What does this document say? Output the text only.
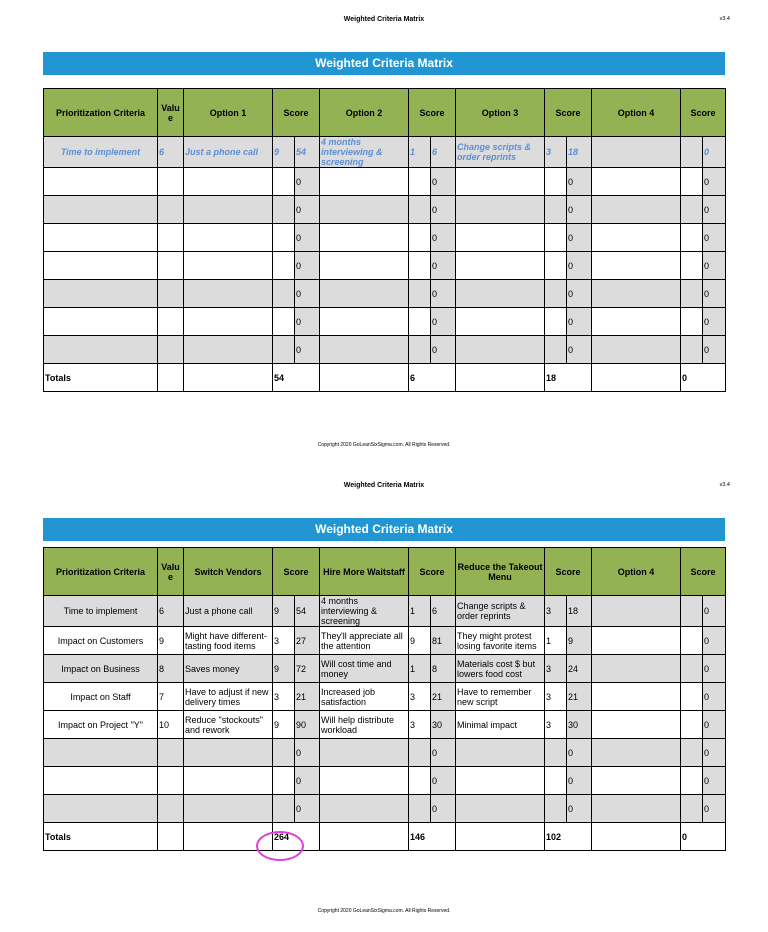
Weighted Criteria Matrix	v3.4
Weighted Criteria Matrix
Prioritization Criteria	Value	Option 1	Score		Option 2	Score		Option 3	Score		Option 4	Score	
Time to implement	6	Just a phone call	9	54	4 months interviewing & screening	1	6	Change scripts & order reprints	3	18			0
				0			0			0			0
				0			0			0			0
				0			0			0			0
				0			0			0			0
				0			0			0			0
				0			0			0			0
				0			0			0			0
Totals			54			6			18			0	
Copyright 2020 GoLeanSixSigma.com. All Rights Reserved.
Weighted Criteria Matrix	v3.4
Weighted Criteria Matrix
Prioritization Criteria	Value	Switch Vendors	Score		Hire More Waitstaff	Score		Reduce the Takeout Menu	Score		Option 4	Score	
Time to implement	6	Just a phone call	9	54	4 months interviewing & screening	1	6	Change scripts & order reprints	3	18			0
Impact on Customers	9	Might have different-tasting food items	3	27	They'll appreciate all the attention	9	81	They might protest losing favorite items	1	9			0
Impact on Business	8	Saves money	9	72	Will cost time and money	1	8	Materials cost $ but lowers food cost	3	24			0
Impact on Staff	7	Have to adjust if new delivery times	3	21	Increased job satisfaction	3	21	Have to remember new script	3	21			0
Impact on Project "Y"	10	Reduce "stockouts" and rework	9	90	Will help distribute workload	3	30	Minimal impact	3	30			0
				0			0			0			0
				0			0			0			0
				0			0			0			0
Totals			264			146			102			0	
Copyright 2020 GoLeanSixSigma.com. All Rights Reserved.
